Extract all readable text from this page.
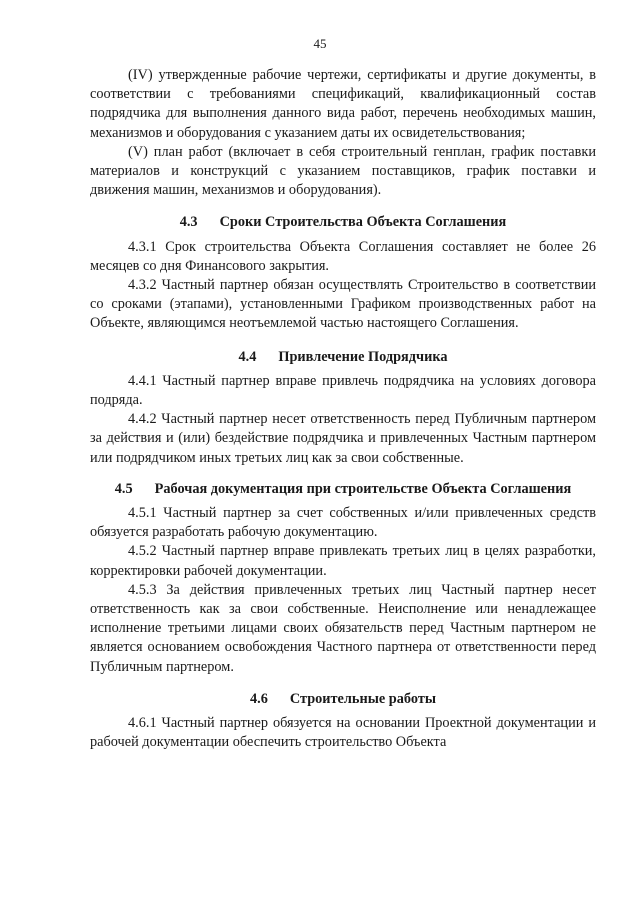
45

(IV) утвержденные рабочие чертежи, сертификаты и другие документы, в соответствии с требованиями спецификаций, квалификационный состав подрядчика для выполнения данного вида работ, перечень необходимых машин, механизмов и оборудования с указанием даты их освидетельствования;

(V) план работ (включает в себя строительный генплан, график поставки материалов и конструкций с указанием поставщиков, график поставки и движения машин, механизмов и оборудования).

4.3 Сроки Строительства Объекта Соглашения

4.3.1 Срок строительства Объекта Соглашения составляет не более 26 месяцев со дня Финансового закрытия.

4.3.2 Частный партнер обязан осуществлять Строительство в соответствии со сроками (этапами), установленными Графиком производственных работ на Объекте, являющимся неотъемлемой частью настоящего Соглашения.

4.4 Привлечение Подрядчика

4.4.1 Частный партнер вправе привлечь подрядчика на условиях договора подряда.

4.4.2 Частный партнер несет ответственность перед Публичным партнером за действия и (или) бездействие подрядчика и привлеченных Частным партнером или подрядчиком иных третьих лиц как за свои собственные.

4.5 Рабочая документация при строительстве Объекта Соглашения

4.5.1 Частный партнер за счет собственных и/или привлеченных средств обязуется разработать рабочую документацию.

4.5.2 Частный партнер вправе привлекать третьих лиц в целях разработки, корректировки рабочей документации.

4.5.3 За действия привлеченных третьих лиц Частный партнер несет ответственность как за свои собственные. Неисполнение или ненадлежащее исполнение третьими лицами своих обязательств перед Частным партнером не является основанием освобождения Частного партнера от ответственности перед Публичным партнером.

4.6 Строительные работы

4.6.1 Частный партнер обязуется на основании Проектной документации и рабочей документации обеспечить строительство Объекта
